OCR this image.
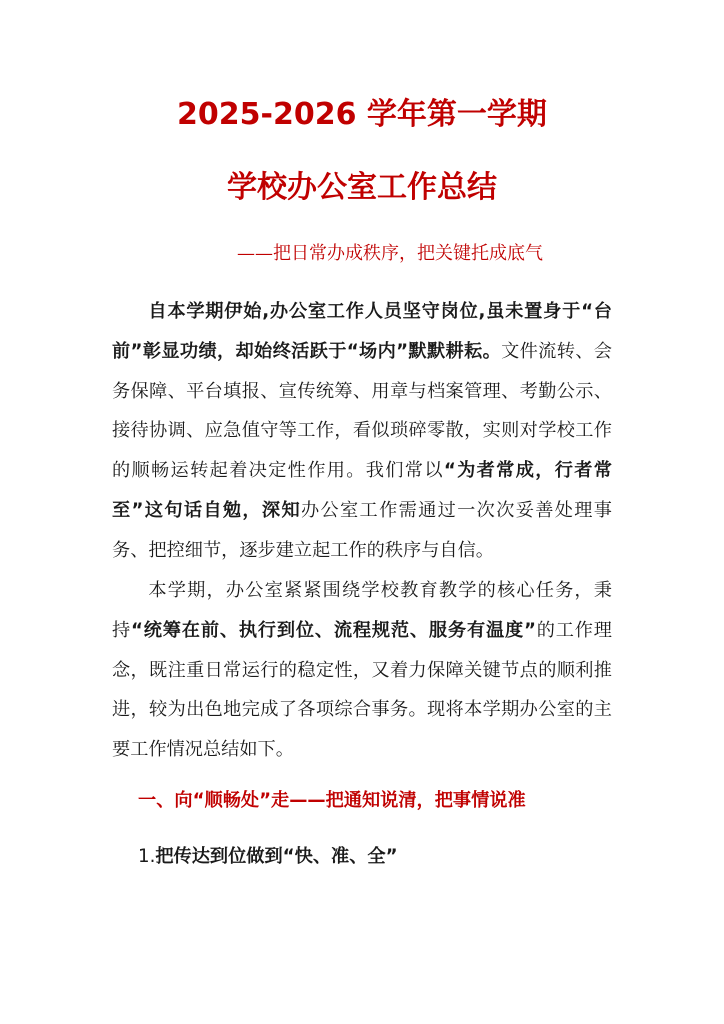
2025-2026 学年第一学期
学校办公室工作总结
——把日常办成秩序，把关键托成底气

自本学期伊始,办公室工作人员坚守岗位,虽未置身于“台前”彰显功绩，却始终活跃于“场内”默默耕耘。文件流转、会务保障、平台填报、宣传统筹、用章与档案管理、考勤公示、接待协调、应急值守等工作，看似琐碎零散，实则对学校工作的顺畅运转起着决定性作用。我们常以“为者常成，行者常至”这句话自勉，深知办公室工作需通过一次次妥善处理事务、把控细节，逐步建立起工作的秩序与自信。

本学期，办公室紧紧围绕学校教育教学的核心任务，秉持“统筹在前、执行到位、流程规范、服务有温度”的工作理念，既注重日常运行的稳定性，又着力保障关键节点的顺利推进，较为出色地完成了各项综合事务。现将本学期办公室的主要工作情况总结如下。

一、向“顺畅处”走——把通知说清，把事情说准
1.把传达到位做到“快、准、全”
